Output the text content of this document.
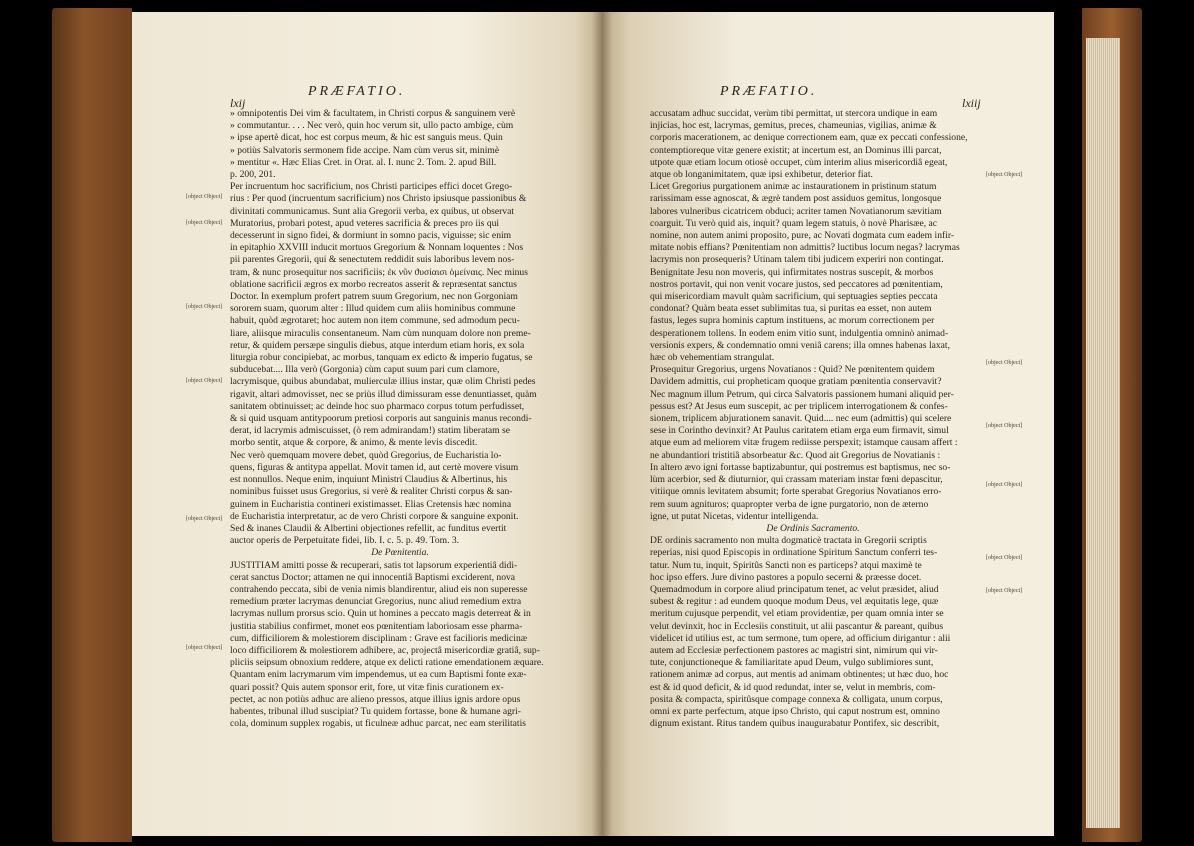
lxij
PRÆFATIO.
» omnipotentis Dei vim & facultatem, in Christi corpus & sanguinem verè
» commutantur. . . . Nec verò, quin hoc verum sit, ullo pacto ambige, cùm
» ipse apertè dicat, hoc est corpus meum, & hic est sanguis meus. Quin
» potiùs Salvatoris sermonem fide accipe. Nam cùm verus sit, minimè
» mentitur «. Hæc Elias Cret. in Orat. al. I. nunc 2. Tom. 2. apud Bill.
p. 200, 201.
Per incruentum hoc sacrificium, nos Christi participes effici docet Grego-
rius : Per quod (incruentum sacrificium) nos Christo ipsiusque passionibus &
divinitati communicamus. Sunt alia Gregorii verba, ex quibus, ut observat
Muratorius, probari potest, apud veteres sacrificia & preces pro iis qui
decesserunt in signo fidei, & dormiunt in somno pacis, viguisse; sic enim
in epitaphio XXVIII inducit mortuos Gregorium & Nonnam loquentes : Nos
pii parentes Gregorii, qui & senectutem reddidit suis laboribus levem nos-
tram, & nunc prosequitur nos sacrificiis; ἐκ νῦν ϑυσίαισι ὁμείναις. Nec minus
oblatione sacrificii ægros ex morbo recreatos asserit & repræsentat sanctus
Doctor. In exemplum profert patrem suum Gregorium, nec non Gorgoniam
sororem suam, quorum alter : Illud quidem cum aliis hominibus commune
habuit, quòd ægrotaret; hoc autem non item commune, sed admodum pecu-
liare, aliisque miraculis consentaneum. Nam cùm nunquam dolore non preme-
retur, & quidem persæpe singulis diebus, atque interdum etiam horis, ex sola
liturgia robur concipiebat, ac morbus, tanquam ex edicto & imperio fugatus, se
subducebat.... Illa verò (Gorgonia) cùm caput suum pari cum clamore,
lacrymisque, quibus abundabat, mulierculæ illius instar, quæ olim Christi pedes
rigavit, altari admovisset, nec se priùs illud dimissuram esse denuntiasset, quàm
sanitatem obtinuisset; ac deinde hoc suo pharmaco corpus totum perfudisset,
& si quid usquam antitypoorum pretiosi corporis aut sanguinis manus recondi-
derat, id lacrymis admiscuisset, (ò rem admirandam!) statim liberatam se
morbo sentit, atque & corpore, & animo, & mente levis discedit.
Nec verò quemquam movere debet, quòd Gregorius, de Eucharistia lo-
quens, figuras & antitypa appellat. Movit tamen id, aut certè movere visum
est nonnullos. Neque enim, inquiunt Ministri Claudius & Albertinus, his
nominibus fuisset usus Gregorius, si verè & realiter Christi corpus & san-
guinem in Eucharistia contineri existimasset. Elias Cretensis hæc nomina
de Eucharistia interpretatur, ac de vero Christi corpore & sanguine exponit.
Sed & inanes Claudii & Albertini objectiones refellit, ac funditus evertit
auctor operis de Perpetuitate fidei, lib. I. c. 5. p. 49. Tom. 3.
De Pœnitentia.
JUSTITIAM amitti posse & recuperari, satis tot lapsorum experientiâ didi-
cerat sanctus Doctor; attamen ne qui innocentiâ Baptismi exciderent, nova
contrahendo peccata, sibi de venia nimis blandirentur, aliud eis non superesse
remedium præter lacrymas denunciat Gregorius, nunc aliud remedium extra
lacrymas nullum prorsus scio. Quin ut homines a peccato magis deterreat & in
justitia stabilius confirmet, monet eos pœnitentiam laboriosam esse pharma-
cum, difficiliorem & molestiorem disciplinam : Grave est facilioris medicinæ
loco difficiliorem & molestiorem adhibere, ac, projectâ misericordiæ gratiâ, sup-
pliciis seipsum obnoxium reddere, atque ex delicti ratione emendationem æquare.
Quantam enim lacrymarum vim impendemus, ut ea cum Baptismi fonte exæ-
quari possit? Quis autem sponsor erit, fore, ut vitæ finis curationem ex-
pectet, ac non potiùs adhuc are alieno pressos, atque illius ignis ardore opus
habentes, tribunal illud suscipiat? Tu quidem fortasse, bone & humane agri-
cola, dominum supplex rogabis, ut ficulneæ adhuc parcat, nec eam sterilitatis
[object Object]
[object Object]
[object Object]
[object Object]
[object Object]
[object Object]
PRÆFATIO.
lxiij
accusatam adhuc succidat, verùm tibi permittat, ut stercora undique in eam
injicias, hoc est, lacrymas, gemitus, preces, chameunias, vigilias, animæ &
corporis macerationem, ac denique correctionem eam, quæ ex peccati confessione,
contemptioreque vitæ genere existit; at incertum est, an Dominus illi parcat,
utpote quæ etiam locum otiosè occupet, cùm interim alius misericordiâ egeat,
atque ob longanimitatem, quæ ipsi exhibetur, deterior fiat.
Licet Gregorius purgationem animæ ac instaurationem in pristinum statum
rarissimam esse agnoscat, & ægrè tandem post assiduos gemitus, longosque
labores vulneribus cicatricem obduci; acriter tamen Novatianorum sævitiam
coarguit. Tu verò quid ais, inquit? quam legem statuis, ò novè Pharisæe, ac
nomine, non autem animi proposito, pure, ac Novati dogmata cum eadem infir-
mitate nobis effians? Pœnitentiam non admittis? luctibus locum negas? lacrymas
lacrymis non prosequeris? Utinam talem tibi judicem experiri non contingat.
Benignitate Jesu non moveris, qui infirmitates nostras suscepit, & morbos
nostros portavit, qui non venit vocare justos, sed peccatores ad pœnitentiam,
qui misericordiam mavult quàm sacrificium, qui septuagies septies peccata
condonat? Quàm beata esset sublimitas tua, si puritas ea esset, non autem
fastus, leges supra hominis captum instituens, ac morum correctionem per
desperationem tollens. In eodem enim vitio sunt, indulgentia omninò animad-
versionis expers, & condemnatio omni veniâ carens; illa omnes habenas laxat,
hæc ob vehementiam strangulat.
Prosequitur Gregorius, urgens Novatianos : Quid? Ne pœnitentem quidem
Davidem admittis, cui propheticam quoque gratiam pœnitentia conservavit?
Nec magnum illum Petrum, qui circa Salvatoris passionem humani aliquid per-
pessus est? At Jesus eum suscepit, ac per triplicem interrogationem & confes-
sionem, triplicem abjurationem sanavit. Quid.... nec eum (admittis) qui scelere
sese in Corintho devinxit? At Paulus caritatem etiam erga eum firmavit, simul
atque eum ad meliorem vitæ frugem rediisse perspexit; istamque causam affert :
ne abundantiori tristitiâ absorbeatur &c. Quod ait Gregorius de Novatianis :
In altero ævo igni fortasse baptizabuntur, qui postremus est baptismus, nec so-
lùm acerbior, sed & diuturnior, qui crassam materiam instar fœni depascitur,
vitiique omnis levitatem absumit; forte sperabat Gregorius Novatianos erro-
rem suum agnituros; quapropter verba de igne purgatorio, non de æterno
igne, ut putat Nicetas, videntur intelligenda.
De Ordinis Sacramento.
DE ordinis sacramento non multa dogmaticè tractata in Gregorii scriptis
reperias, nisi quod Episcopis in ordinatione Spiritum Sanctum conferri tes-
tatur. Num tu, inquit, Spiritûs Sancti non es particeps? atqui maximè te
hoc ipso effers. Jure divino pastores a populo secerni & præesse docet.
Quemadmodum in corpore aliud principatum tenet, ac velut præsidet, aliud
subest & regitur : ad eundem quoque modum Deus, vel æquitatis lege, quæ
meritum cujusque perpendit, vel etiam providentiæ, per quam omnia inter se
velut devinxit, hoc in Ecclesiis constituit, ut alii pascantur & pareant, quibus
videlicet id utilius est, ac tum sermone, tum opere, ad officium dirigantur : alii
autem ad Ecclesiæ perfectionem pastores ac magistri sint, nimirum qui vir-
tute, conjunctioneque & familiaritate apud Deum, vulgo sublimiores sunt,
rationem animæ ad corpus, aut mentis ad animam obtinentes; ut hæc duo, hoc
est & id quod deficit, & id quod redundat, inter se, velut in membris, com-
posita & compacta, spiritûsque compage connexa & colligata, unum corpus,
omni ex parte perfectum, atque ipso Christo, qui caput nostrum est, omnino
dignum existant. Ritus tandem quibus inaugurabatur Pontifex, sic describit,
[object Object]
[object Object]
[object Object]
[object Object]
[object Object]
[object Object]
